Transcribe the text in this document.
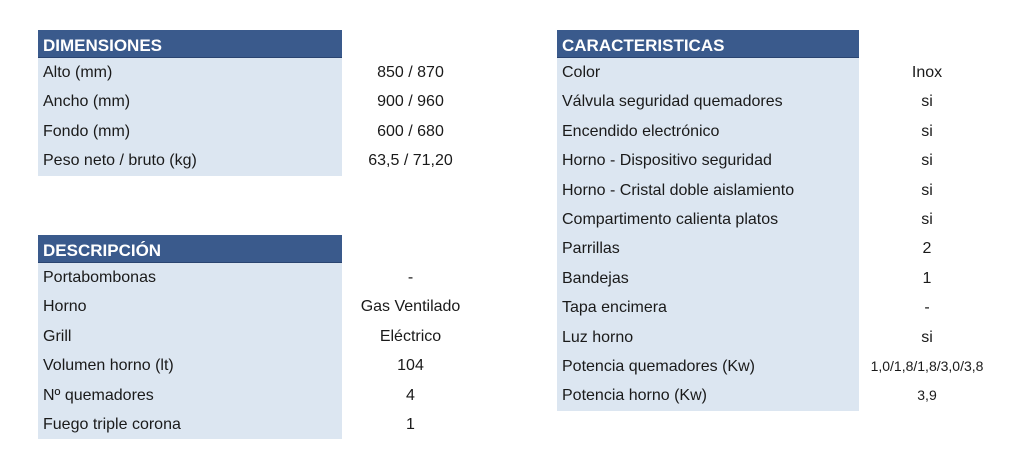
DIMENSIONES
Alto (mm)	850 / 870
Ancho (mm)	900 / 960
Fondo (mm)	600 / 680
Peso neto / bruto (kg)	63,5 / 71,20
DESCRIPCIÓN
Portabombonas	-
Horno	Gas Ventilado
Grill	Eléctrico
Volumen horno (lt)	104
Nº quemadores	4
Fuego triple corona	1
CARACTERISTICAS
Color	Inox
Válvula seguridad quemadores	si
Encendido electrónico	si
Horno - Dispositivo seguridad	si
Horno - Cristal doble aislamiento	si
Compartimento calienta platos	si
Parrillas	2
Bandejas	1
Tapa encimera	-
Luz horno	si
Potencia quemadores (Kw)	1,0/1,8/1,8/3,0/3,8
Potencia horno (Kw)	3,9
